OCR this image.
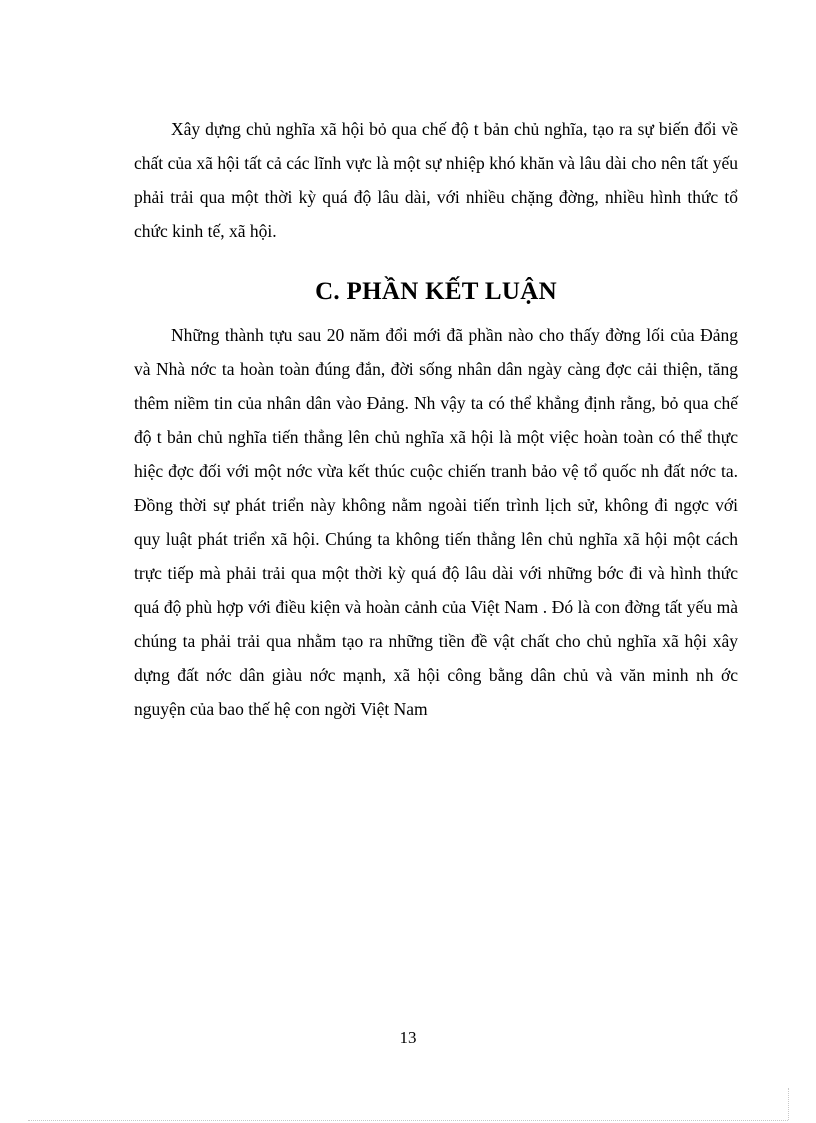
Xây dựng chủ nghĩa xã hội bỏ qua chế độ t bản chủ nghĩa, tạo ra sự biến đổi về chất của xã hội tất cả các lĩnh vực là một sự nhiệp khó khăn và lâu dài cho nên tất yếu phải trải qua một thời kỳ quá độ lâu dài, với nhiều chặng đờng, nhiều hình thức tổ chức kinh tế, xã hội.

C. PHẦN KẾT LUẬN

Những thành tựu sau 20 năm đổi mới đã phần nào cho thấy đờng lối của Đảng và Nhà nớc ta hoàn toàn đúng đắn, đời sống nhân dân ngày càng đợc cải thiện, tăng thêm niềm tin của nhân dân vào Đảng. Nh vậy ta có thể khẳng định rằng, bỏ qua chế độ t bản chủ nghĩa tiến thẳng lên chủ nghĩa xã hội là một việc hoàn toàn có thể thực hiệc đợc đối với một nớc vừa kết thúc cuộc chiến tranh bảo vệ tổ quốc nh đất nớc ta. Đồng thời sự phát triển này không nằm ngoài tiến trình lịch sử, không đi ngợc với quy luật phát triển xã hội. Chúng ta không tiến thẳng lên chủ nghĩa xã hội một cách trực tiếp mà phải trải qua một thời kỳ quá độ lâu dài với những bớc đi và hình thức quá độ phù hợp với điều kiện và hoàn cảnh của Việt Nam . Đó là con đờng tất yếu mà chúng ta phải trải qua nhằm tạo ra những tiền đề vật chất cho chủ nghĩa xã hội xây dựng đất nớc dân giàu nớc mạnh, xã hội công bằng dân chủ và văn minh nh ớc nguyện của bao thế hệ con ngời Việt Nam

13
